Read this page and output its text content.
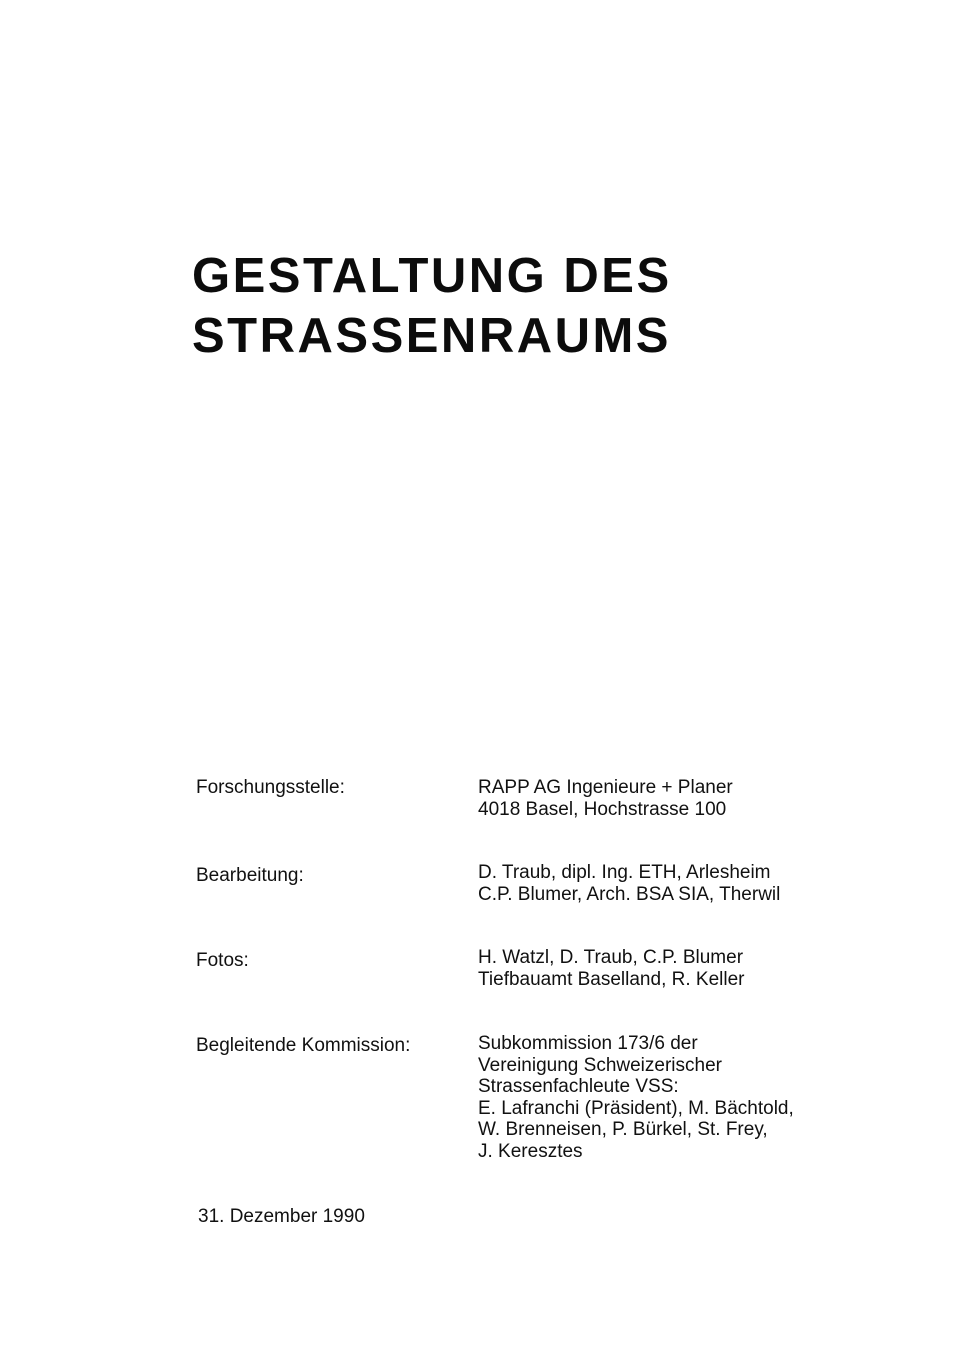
GESTALTUNG DES
STRASSENRAUMS
Forschungsstelle:	RAPP AG Ingenieure + Planer
4018 Basel, Hochstrasse 100
Bearbeitung:	D. Traub, dipl. Ing. ETH, Arlesheim
C.P. Blumer, Arch. BSA SIA, Therwil
Fotos:	H. Watzl, D. Traub, C.P. Blumer
Tiefbauamt Baselland, R. Keller
Begleitende Kommission:	Subkommission 173/6 der
Vereinigung Schweizerischer
Strassenfachleute VSS:
E. Lafranchi (Präsident), M. Bächtold,
W. Brenneisen, P. Bürkel, St. Frey,
J. Keresztes
31. Dezember 1990
